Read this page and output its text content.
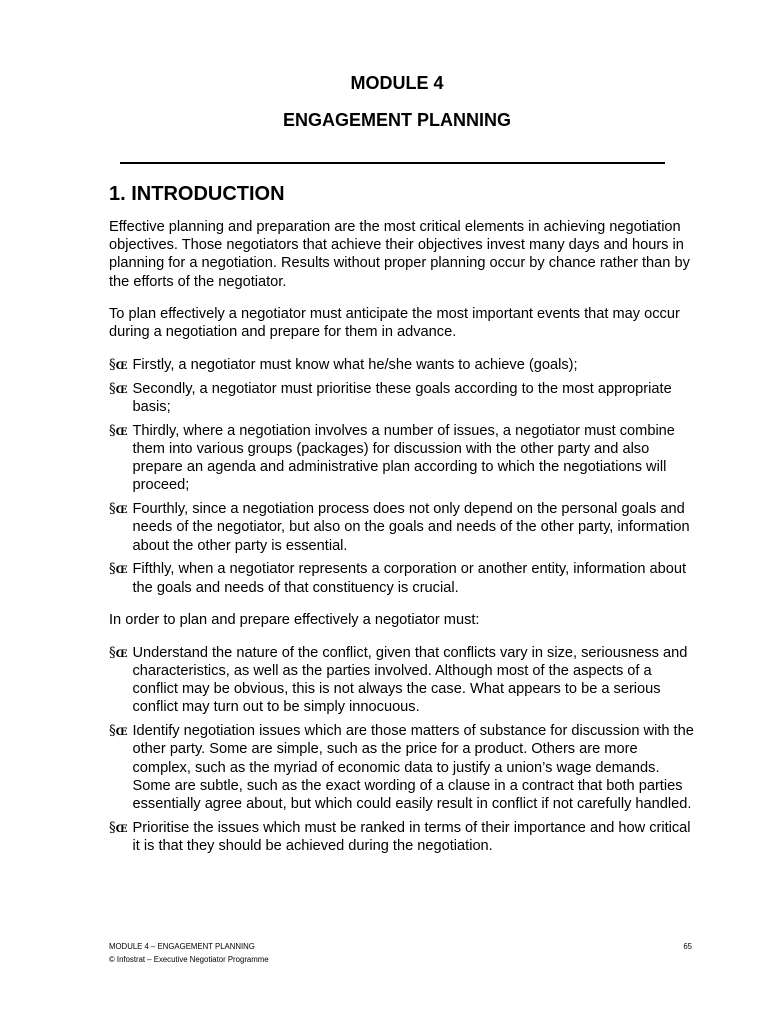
MODULE 4
ENGAGEMENT PLANNING
1. INTRODUCTION

Effective planning and preparation are the most critical elements in achieving negotiation objectives. Those negotiators that achieve their objectives invest many days and hours in planning for a negotiation. Results without proper planning occur by chance rather than by the efforts of the negotiator.

To plan effectively a negotiator must anticipate the most important events that may occur during a negotiation and prepare for them in advance.

§Œ Firstly, a negotiator must know what he/she wants to achieve (goals);
§Œ Secondly, a negotiator must prioritise these goals according to the most appropriate basis;
§Œ Thirdly, where a negotiation involves a number of issues, a negotiator must combine them into various groups (packages) for discussion with the other party and also prepare an agenda and administrative plan according to which the negotiations will proceed;
§Œ Fourthly, since a negotiation process does not only depend on the personal goals and needs of the negotiator, but also on the goals and needs of the other party, information about the other party is essential.
§Œ Fifthly, when a negotiator represents a corporation or another entity, information about the goals and needs of that constituency is crucial.

In order to plan and prepare effectively a negotiator must:

§Œ Understand the nature of the conflict, given that conflicts vary in size, seriousness and characteristics, as well as the parties involved. Although most of the aspects of a conflict may be obvious, this is not always the case. What appears to be a serious conflict may turn out to be simply innocuous.
§Œ Identify negotiation issues which are those matters of substance for discussion with the other party. Some are simple, such as the price for a product. Others are more complex, such as the myriad of economic data to justify a union’s wage demands. Some are subtle, such as the exact wording of a clause in a contract that both parties essentially agree about, but which could easily result in conflict if not carefully handled.
§Œ Prioritise the issues which must be ranked in terms of their importance and how critical it is that they should be achieved during the negotiation.
MODULE 4 – ENGAGEMENT PLANNING
© Infostrat – Executive Negotiator Programme
65
